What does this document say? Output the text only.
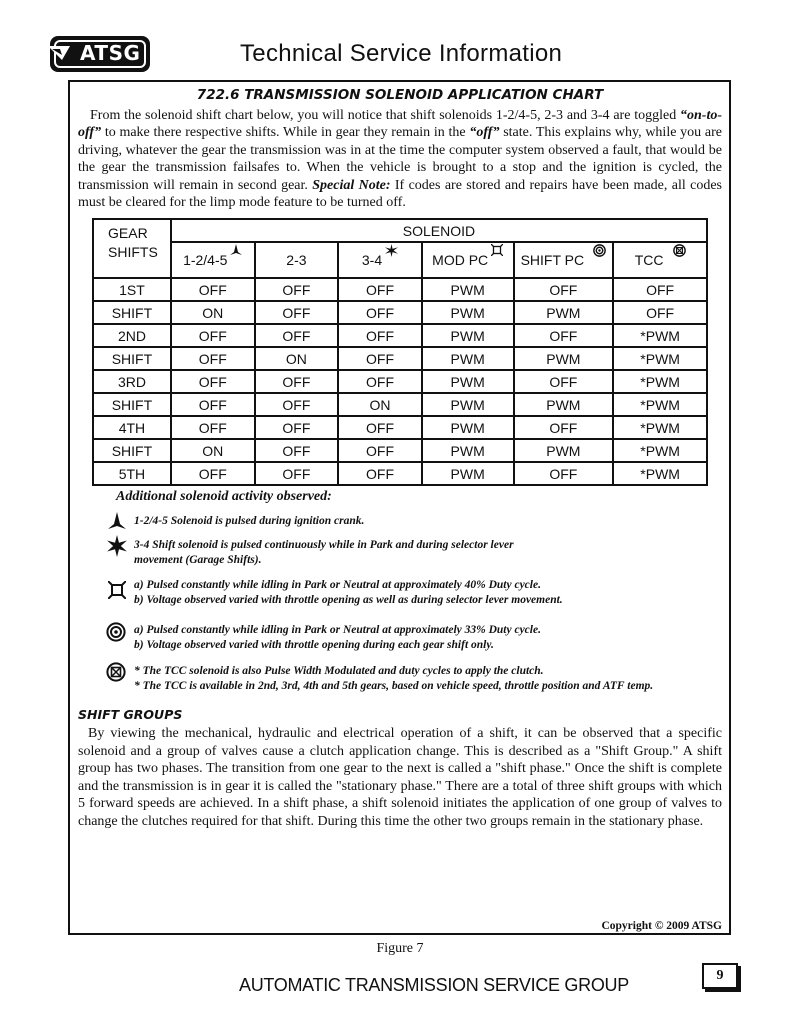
ATSG	Technical Service Information
722.6 TRANSMISSION SOLENOID APPLICATION CHART
From the solenoid shift chart below, you will notice that shift solenoids 1-2/4-5, 2-3 and 3-4 are toggled “on-to-off” to make there respective shifts. While in gear they remain in the “off” state. This explains why, while you are driving, whatever the gear the transmission was in at the time the computer system observed a fault, that would be the gear the transmission failsafes to. When the vehicle is brought to a stop and the ignition is cycled, the transmission will remain in second gear. Special Note: If codes are stored and repairs have been made, all codes must be cleared for the limp mode feature to be turned off.
GEAR
SHIFTS	SOLENOID					

	1-2/4-5	2-3	3-4	MOD PC	SHIFT PC	TCC

1ST	OFF	OFF	OFF	PWM	OFF	OFF
SHIFT	ON	OFF	OFF	PWM	PWM	OFF
2ND	OFF	OFF	OFF	PWM	OFF	*PWM
SHIFT	OFF	ON	OFF	PWM	PWM	*PWM
3RD	OFF	OFF	OFF	PWM	OFF	*PWM
SHIFT	OFF	OFF	ON	PWM	PWM	*PWM
4TH	OFF	OFF	OFF	PWM	OFF	*PWM
SHIFT	ON	OFF	OFF	PWM	PWM	*PWM
5TH	OFF	OFF	OFF	PWM	OFF	*PWM
Additional solenoid activity observed:
1-2/4-5 Solenoid is pulsed during ignition crank.
3-4 Shift solenoid is pulsed continuously while in Park and during selector lever
movement (Garage Shifts).
a) Pulsed constantly while idling in Park or Neutral at approximately 40% Duty cycle.
b) Voltage observed varied with throttle opening as well as during selector lever movement.
a) Pulsed constantly while idling in Park or Neutral at approximately 33% Duty cycle.
b) Voltage observed varied with throttle opening during each gear shift only.
* The TCC solenoid is also Pulse Width Modulated and duty cycles to apply the clutch.
* The TCC is available in 2nd, 3rd, 4th and 5th gears, based on vehicle speed, throttle position and ATF temp.
SHIFT GROUPS
By viewing the mechanical, hydraulic and electrical operation of a shift, it can be observed that a specific solenoid and a group of valves cause a clutch application change. This is described as a "Shift Group." A shift group has two phases. The transition from one gear to the next is called a "shift phase." Once the shift is complete and the transmission is in gear it is called the "stationary phase." There are a total of three shift groups with which 5 forward speeds are achieved. In a shift phase, a shift solenoid initiates the application of one group of valves to change the clutches required for that shift. During this time the other two groups remain in the stationary phase.
Copyright © 2009 ATSG
Figure 7
AUTOMATIC TRANSMISSION SERVICE GROUP	9
